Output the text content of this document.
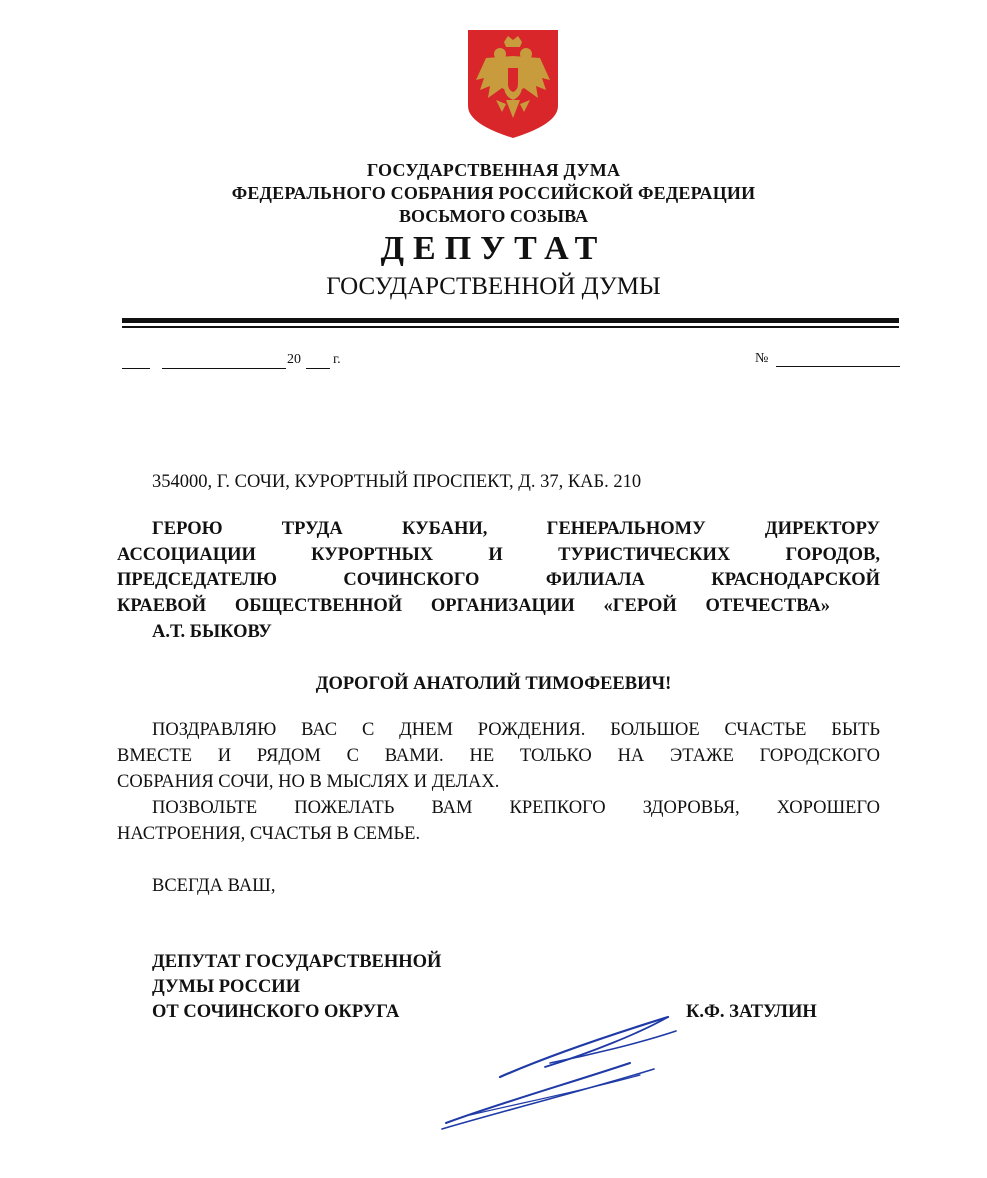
ГОСУДАРСТВЕННАЯ ДУМА
ФЕДЕРАЛЬНОГО СОБРАНИЯ РОССИЙСКОЙ ФЕДЕРАЦИИ
ВОСЬМОГО СОЗЫВА
ДЕПУТАТ
ГОСУДАРСТВЕННОЙ ДУМЫ
20 г.	№
354000, Г. СОЧИ, КУРОРТНЫЙ ПРОСПЕКТ, Д. 37, КАБ. 210
ГЕРОЮ ТРУДА КУБАНИ, ГЕНЕРАЛЬНОМУ ДИРЕКТОРУ
АССОЦИАЦИИ КУРОРТНЫХ И ТУРИСТИЧЕСКИХ ГОРОДОВ,
ПРЕДСЕДАТЕЛЮ СОЧИНСКОГО ФИЛИАЛА КРАСНОДАРСКОЙ
КРАЕВОЙ ОБЩЕСТВЕННОЙ ОРГАНИЗАЦИИ «ГЕРОЙ ОТЕЧЕСТВА»
А.Т. БЫКОВУ
ДОРОГОЙ АНАТОЛИЙ ТИМОФЕЕВИЧ!
ПОЗДРАВЛЯЮ ВАС С ДНЕМ РОЖДЕНИЯ. БОЛЬШОЕ СЧАСТЬЕ БЫТЬ
ВМЕСТЕ И РЯДОМ С ВАМИ. НЕ ТОЛЬКО НА ЭТАЖЕ ГОРОДСКОГО
СОБРАНИЯ СОЧИ, НО В МЫСЛЯХ И ДЕЛАХ.
ПОЗВОЛЬТЕ ПОЖЕЛАТЬ ВАМ КРЕПКОГО ЗДОРОВЬЯ, ХОРОШЕГО
НАСТРОЕНИЯ, СЧАСТЬЯ В СЕМЬЕ.
ВСЕГДА ВАШ,
ДЕПУТАТ ГОСУДАРСТВЕННОЙ
ДУМЫ РОССИИ
ОТ СОЧИНСКОГО ОКРУГА	К.Ф. ЗАТУЛИН
